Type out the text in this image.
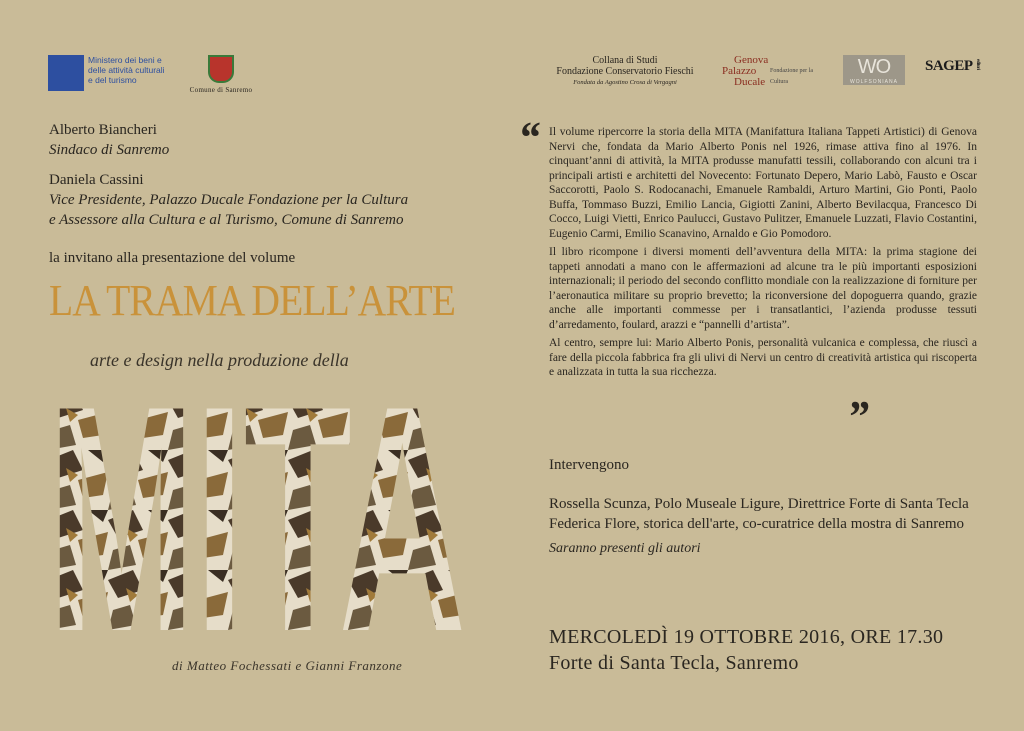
Ministero dei beni e delle attività culturali e del turismo
Comune di Sanremo
Collana di Studi
Fondazione Conservatorio Fieschi
Fondata da Agostino Crosa di Vergagni
Genova
Palazzo
Ducale
Fondazione per la Cultura
WO
WOLFSONIANA
SAGEP editori
Alberto Biancheri
Sindaco di Sanremo
Daniela Cassini
Vice Presidente, Palazzo Ducale Fondazione per la Cultura
e Assessore alla Cultura e al Turismo, Comune di Sanremo
la invitano alla presentazione del volume
LA TRAMA DELL’ARTE
arte e design nella produzione della
MITA
di Matteo Fochessati e Gianni Franzone
“ Il volume ripercorre la storia della MITA (Manifattura Italiana Tappeti Artistici) di Genova Nervi che, fondata da Mario Alberto Ponis nel 1926, rimase attiva fino al 1976. In cinquant’anni di attività, la MITA produsse manufatti tessili, collaborando con alcuni tra i principali artisti e architetti del Novecento: Fortunato Depero, Mario Labò, Fausto e Oscar Saccorotti, Paolo S. Rodocanachi, Emanuele Rambaldi, Arturo Martini, Gio Ponti, Paolo Buffa, Tommaso Buzzi, Emilio Lancia, Gigiotti Zanini, Alberto Bevilacqua, Francesco Di Cocco, Luigi Vietti, Enrico Paulucci, Gustavo Pulitzer, Emanuele Luzzati, Flavio Costantini, Eugenio Carmi, Emilio Scanavino, Arnaldo e Gio Pomodoro.

Il libro ricompone i diversi momenti dell’avventura della MITA: la prima stagione dei tappeti annodati a mano con le affermazioni ad alcune tra le più importanti esposizioni internazionali; il periodo del secondo conflitto mondiale con la realizzazione di forniture per l’aeronautica militare su proprio brevetto; la riconversione del dopoguerra quando, grazie anche alle importanti commesse per i transatlantici, l’azienda produsse tessuti d’arredamento, foulard, arazzi e “pannelli d’artista”.

Al centro, sempre lui: Mario Alberto Ponis, personalità vulcanica e complessa, che riuscì a fare della piccola fabbrica fra gli ulivi di Nervi un centro di creatività artistica qui riscoperta e analizzata in tutta la sua ricchezza.

”
Intervengono
Rossella Scunza, Polo Museale Ligure, Direttrice Forte di Santa Tecla
Federica Flore, storica dell'arte, co-curatrice della mostra di Sanremo
Saranno presenti gli autori
MERCOLEDÌ 19 OTTOBRE 2016, ORE 17.30
Forte di Santa Tecla, Sanremo
